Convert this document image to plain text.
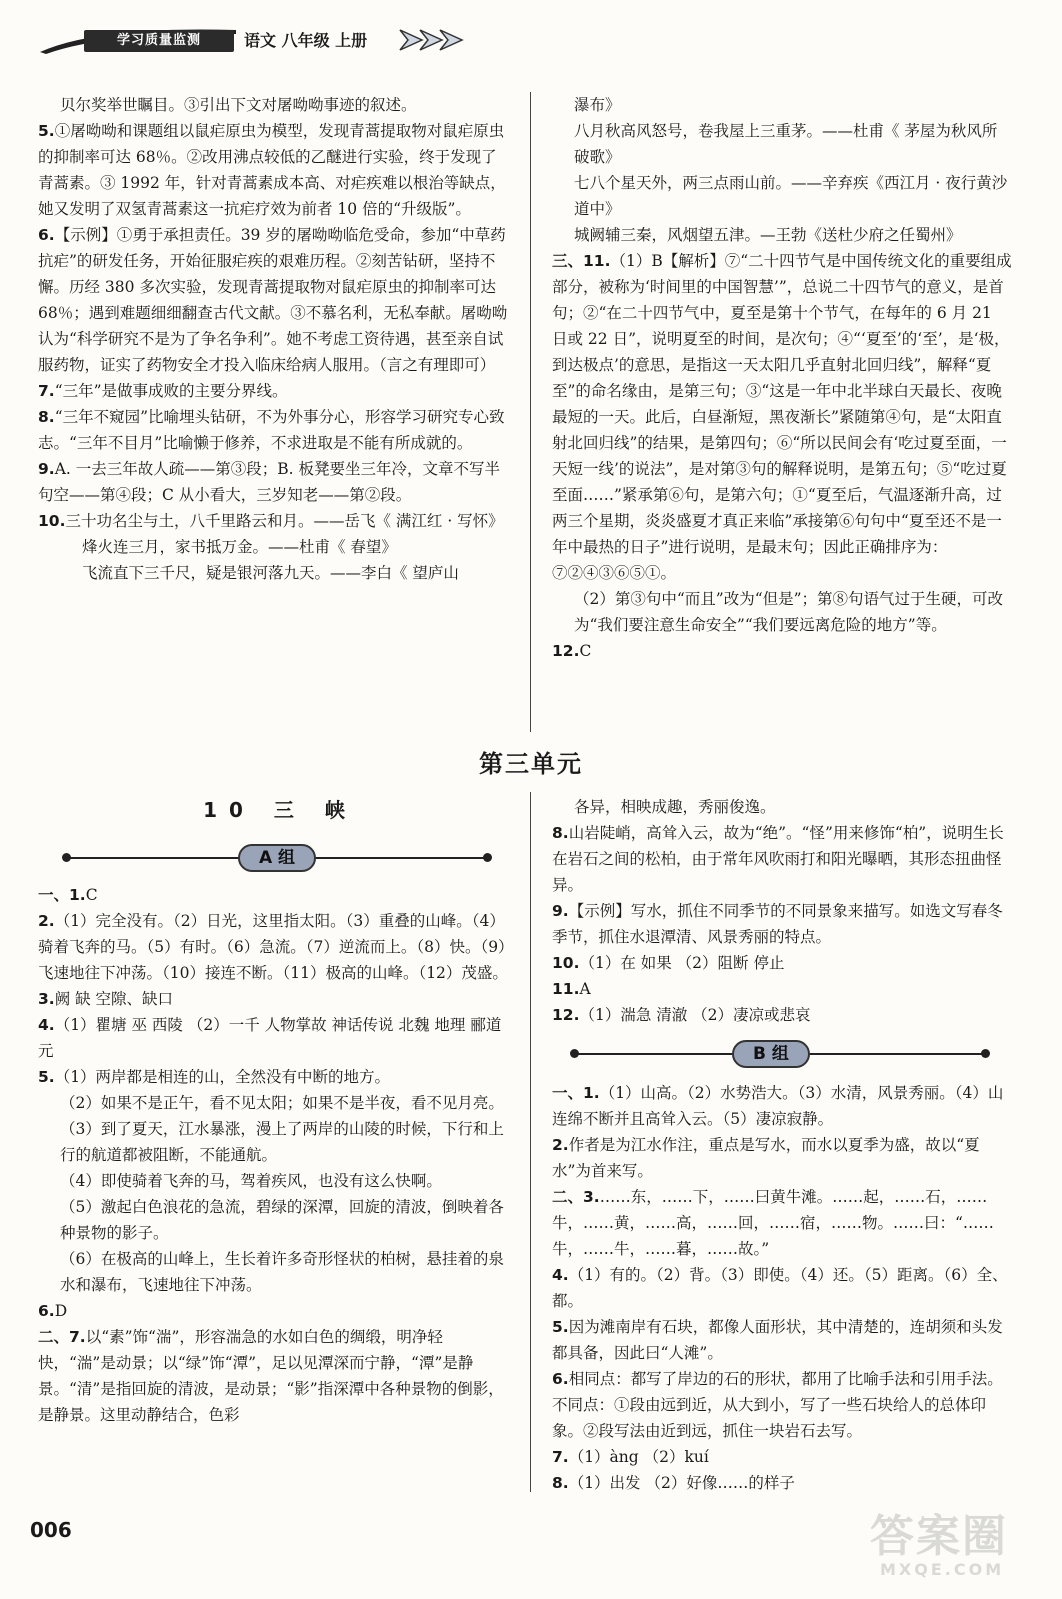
学习质量监测	语文 八年级 上册

贝尔奖举世瞩目。③引出下文对屠呦呦事迹的叙述。

5.①屠呦呦和课题组以鼠疟原虫为模型，发现青蒿提取物对鼠疟原虫的抑制率可达 68％。②改用沸点较低的乙醚进行实验，终于发现了青蒿素。③ 1992 年，针对青蒿素成本高、对疟疾难以根治等缺点，她又发明了双氢青蒿素这一抗疟疗效为前者 10 倍的“升级版”。

6.【示例】①勇于承担责任。39 岁的屠呦呦临危受命，参加“中草药抗疟”的研发任务，开始征服疟疾的艰难历程。②刻苦钻研，坚持不懈。历经 380 多次实验，发现青蒿提取物对鼠疟原虫的抑制率可达 68％；遇到难题细细翻查古代文献。③不慕名利，无私奉献。屠呦呦认为“科学研究不是为了争名争利”。她不考虑工资待遇，甚至亲自试服药物，证实了药物安全才投入临床给病人服用。（言之有理即可）

7.“三年”是做事成败的主要分界线。

8.“三年不窥园”比喻埋头钻研，不为外事分心，形容学习研究专心致志。“三年不目月”比喻懒于修养，不求进取是不能有所成就的。

9.A. 一去三年故人疏——第③段；B. 板凳要坐三年冷，文章不写半句空——第④段；C 从小看大，三岁知老——第②段。

10.三十功名尘与土，八千里路云和月。——岳飞《 满江红 · 写怀》

烽火连三月，家书抵万金。——杜甫《 春望》

飞流直下三千尺，疑是银河落九天。——李白《 望庐山

瀑布》

八月秋高风怒号，卷我屋上三重茅。——杜甫《 茅屋为秋风所破歌》

七八个星天外，两三点雨山前。——辛弃疾《西江月 · 夜行黄沙道中》

城阙辅三秦，风烟望五津。—王勃《送杜少府之任蜀州》

三、11.（1）B【解析】⑦“二十四节气是中国传统文化的重要组成部分，被称为‘时间里的中国智慧’”，总说二十四节气的意义，是首句；②“在二十四节气中，夏至是第十个节气，在每年的 6 月 21 日或 22 日”，说明夏至的时间，是次句；④“‘夏至’的‘至’，是‘极，到达极点’的意思，是指这一天太阳几乎直射北回归线”，解释“夏至”的命名缘由，是第三句；③“这是一年中北半球白天最长、夜晚最短的一天。此后，白昼渐短，黑夜渐长”紧随第④句，是“太阳直射北回归线”的结果，是第四句；⑥“所以民间会有‘吃过夏至面，一天短一线’的说法”，是对第③句的解释说明，是第五句；⑤“吃过夏至面……”紧承第⑥句，是第六句；①“夏至后，气温逐渐升高，过两三个星期，炎炎盛夏才真正来临”承接第⑥句句中“夏至还不是一年中最热的日子”进行说明，是最末句；因此正确排序为：⑦②④③⑥⑤①。

（2）第③句中“而且”改为“但是”；第⑧句语气过于生硬，可改为“我们要注意生命安全”“我们要远离危险的地方”等。

12.C

第三单元
10 三 峡
A 组

一、1.C

2.（1）完全没有。（2）日光，这里指太阳。（3）重叠的山峰。（4）骑着飞奔的马。（5）有时。（6）急流。（7）逆流而上。（8）快。（9）飞速地往下冲荡。（10）接连不断。（11）极高的山峰。（12）茂盛。

3.阙 缺 空隙、缺口

4.（1）瞿塘 巫 西陵 （2）一千 人物掌故 神话传说 北魏 地理 郦道元

5.（1）两岸都是相连的山，全然没有中断的地方。

（2）如果不是正午，看不见太阳；如果不是半夜，看不见月亮。

（3）到了夏天，江水暴涨，漫上了两岸的山陵的时候，下行和上行的航道都被阻断，不能通航。

（4）即使骑着飞奔的马，驾着疾风，也没有这么快啊。

（5）激起白色浪花的急流，碧绿的深潭，回旋的清波，倒映着各种景物的影子。

（6）在极高的山峰上，生长着许多奇形怪状的柏树，悬挂着的泉水和瀑布，飞速地往下冲荡。

6.D

二、7.以“素”饰“湍”，形容湍急的水如白色的绸缎，明净轻快，“湍”是动景；以“绿”饰“潭”，足以见潭深而宁静，“潭”是静景。“清”是指回旋的清波，是动景；“影”指深潭中各种景物的倒影，是静景。这里动静结合，色彩

各异，相映成趣，秀丽俊逸。

8.山岩陡峭，高耸入云，故为“绝”。“怪”用来修饰“柏”，说明生长在岩石之间的松柏，由于常年风吹雨打和阳光曝晒，其形态扭曲怪异。

9.【示例】写水，抓住不同季节的不同景象来描写。如选文写春冬季节，抓住水退潭清、风景秀丽的特点。

10.（1）在 如果 （2）阻断 停止

11.A

12.（1）湍急 清澈 （2）凄凉或悲哀

B 组

一、1.（1）山高。（2）水势浩大。（3）水清，风景秀丽。（4）山连绵不断并且高耸入云。（5）凄凉寂静。

2.作者是为江水作注，重点是写水，而水以夏季为盛，故以“夏水”为首来写。

二、3.……东，……下，……曰黄牛滩。……起，……石，……牛，……黄，……高，……回，……宿，……物。……曰：“……牛，……牛，……暮，……故。”

4.（1）有的。（2）背。（3）即使。（4）还。（5）距离。（6）全、都。

5.因为滩南岸有石块，都像人面形状，其中清楚的，连胡须和头发都具备，因此曰“人滩”。

6.相同点：都写了岸边的石的形状，都用了比喻手法和引用手法。不同点：①段由远到近，从大到小，写了一些石块给人的总体印象。②段写法由近到远，抓住一块岩石去写。

7.（1）àng （2）kuí

8.（1）出发 （2）好像……的样子

006	答案圈
MXQE.COM
